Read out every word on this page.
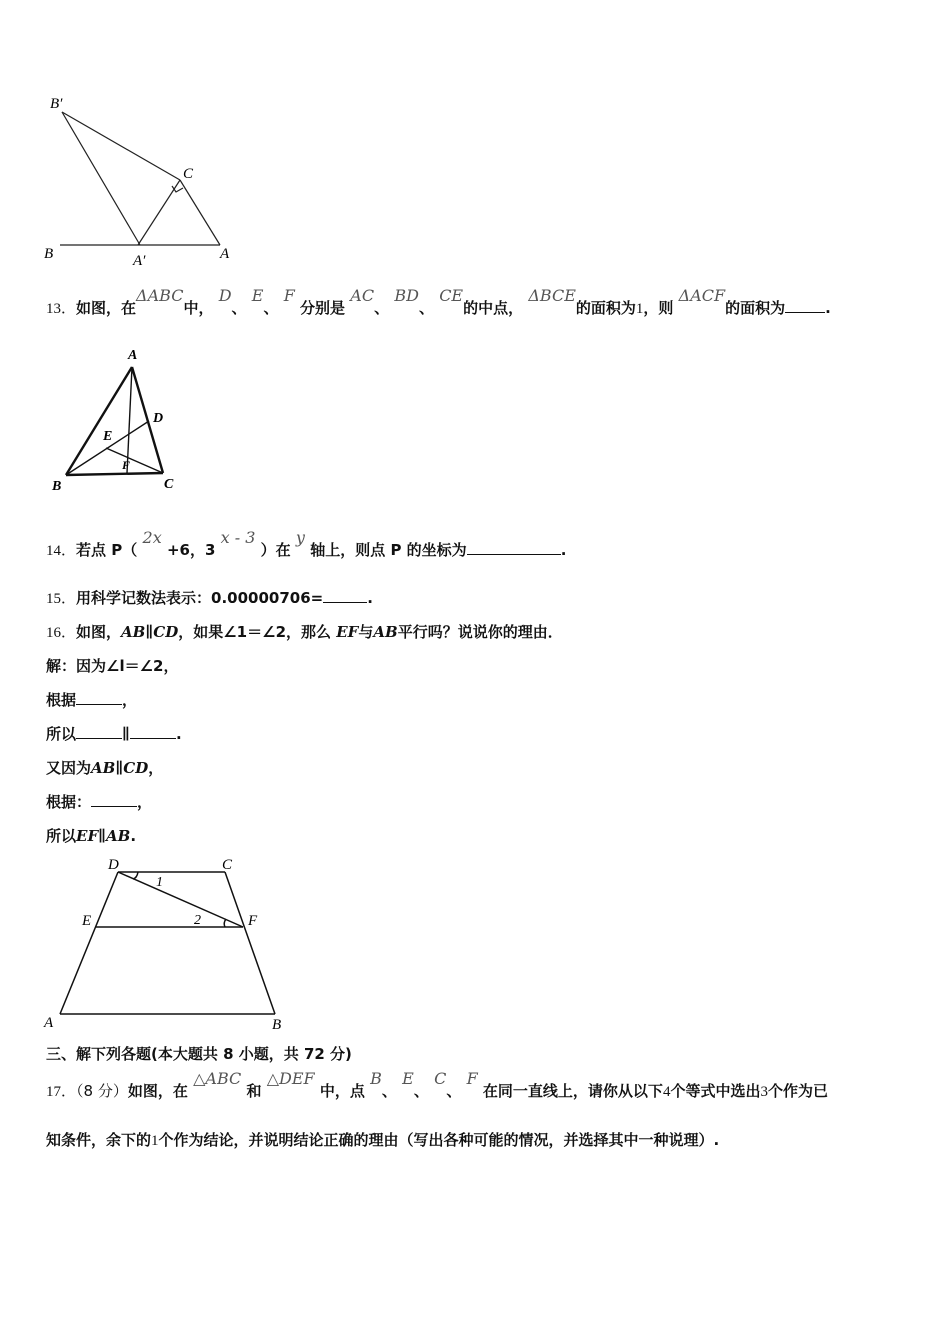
B′
C
B	A′	A
13．如图，在ΔABC中， D、 E、 F 分别是 AC、 BD、 CE的中点， ΔBCE的面积为1，则 ΔACF的面积为	.
A
D
E
F
B	C
14．若点 P（ 2x +6，3 x - 3 ）在 y 轴上，则点 P 的坐标为	.
15．用科学记数法表示：0.00000706=	.
16．如图，AB∥CD，如果∠1＝∠2，那么 EF与AB平行吗？说说你的理由．
解：因为∠l＝∠2，
根据	，
所以	∥	.
又因为AB∥CD，
根据：	，
所以EF∥AB.
D	C
1
E	2	F
A	B
三、解下列各题(本大题共 8 小题，共 72 分)
17．（8 分）如图，在 △ABC 和 △DEF 中，点 B、 E、 C、 F 在同一直线上，请你从以下4个等式中选出3个作为已
知条件，余下的1个作为结论，并说明结论正确的理由（写出各种可能的情况，并选择其中一种说理）.
